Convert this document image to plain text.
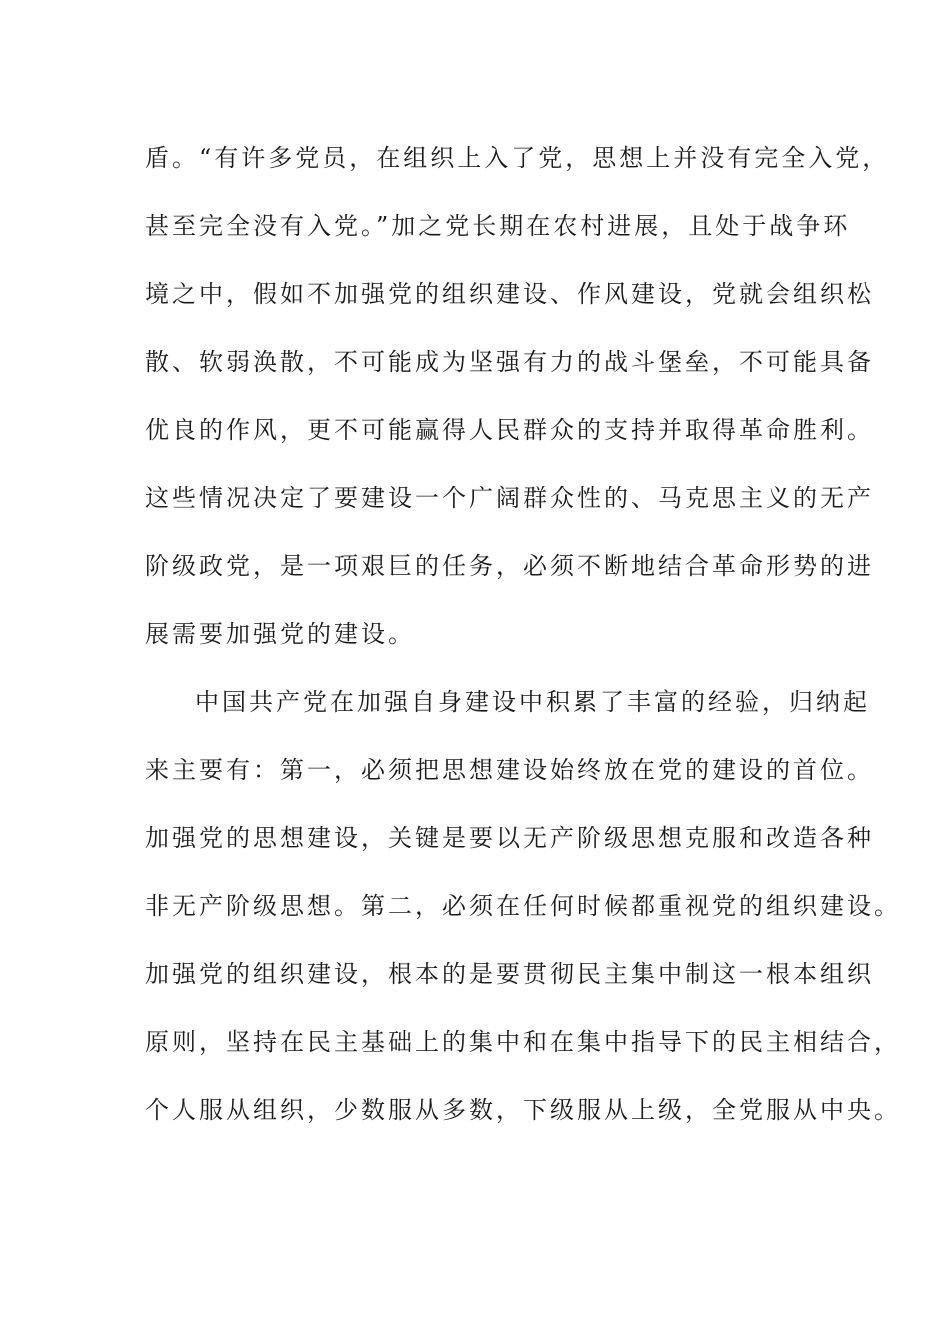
盾。“有许多党员，在组织上入了党，思想上并没有完全入党，
甚至完全没有入党。”加之党长期在农村进展，且处于战争环
境之中，假如不加强党的组织建设、作风建设，党就会组织松
散、软弱涣散，不可能成为坚强有力的战斗堡垒，不可能具备
优良的作风，更不可能赢得人民群众的支持并取得革命胜利。
这些情况决定了要建设一个广阔群众性的、马克思主义的无产
阶级政党，是一项艰巨的任务，必须不断地结合革命形势的进
展需要加强党的建设。
中国共产党在加强自身建设中积累了丰富的经验，归纳起
来主要有：第一，必须把思想建设始终放在党的建设的首位。
加强党的思想建设，关键是要以无产阶级思想克服和改造各种
非无产阶级思想。第二，必须在任何时候都重视党的组织建设。
加强党的组织建设，根本的是要贯彻民主集中制这一根本组织
原则，坚持在民主基础上的集中和在集中指导下的民主相结合，
个人服从组织，少数服从多数，下级服从上级，全党服从中央。
